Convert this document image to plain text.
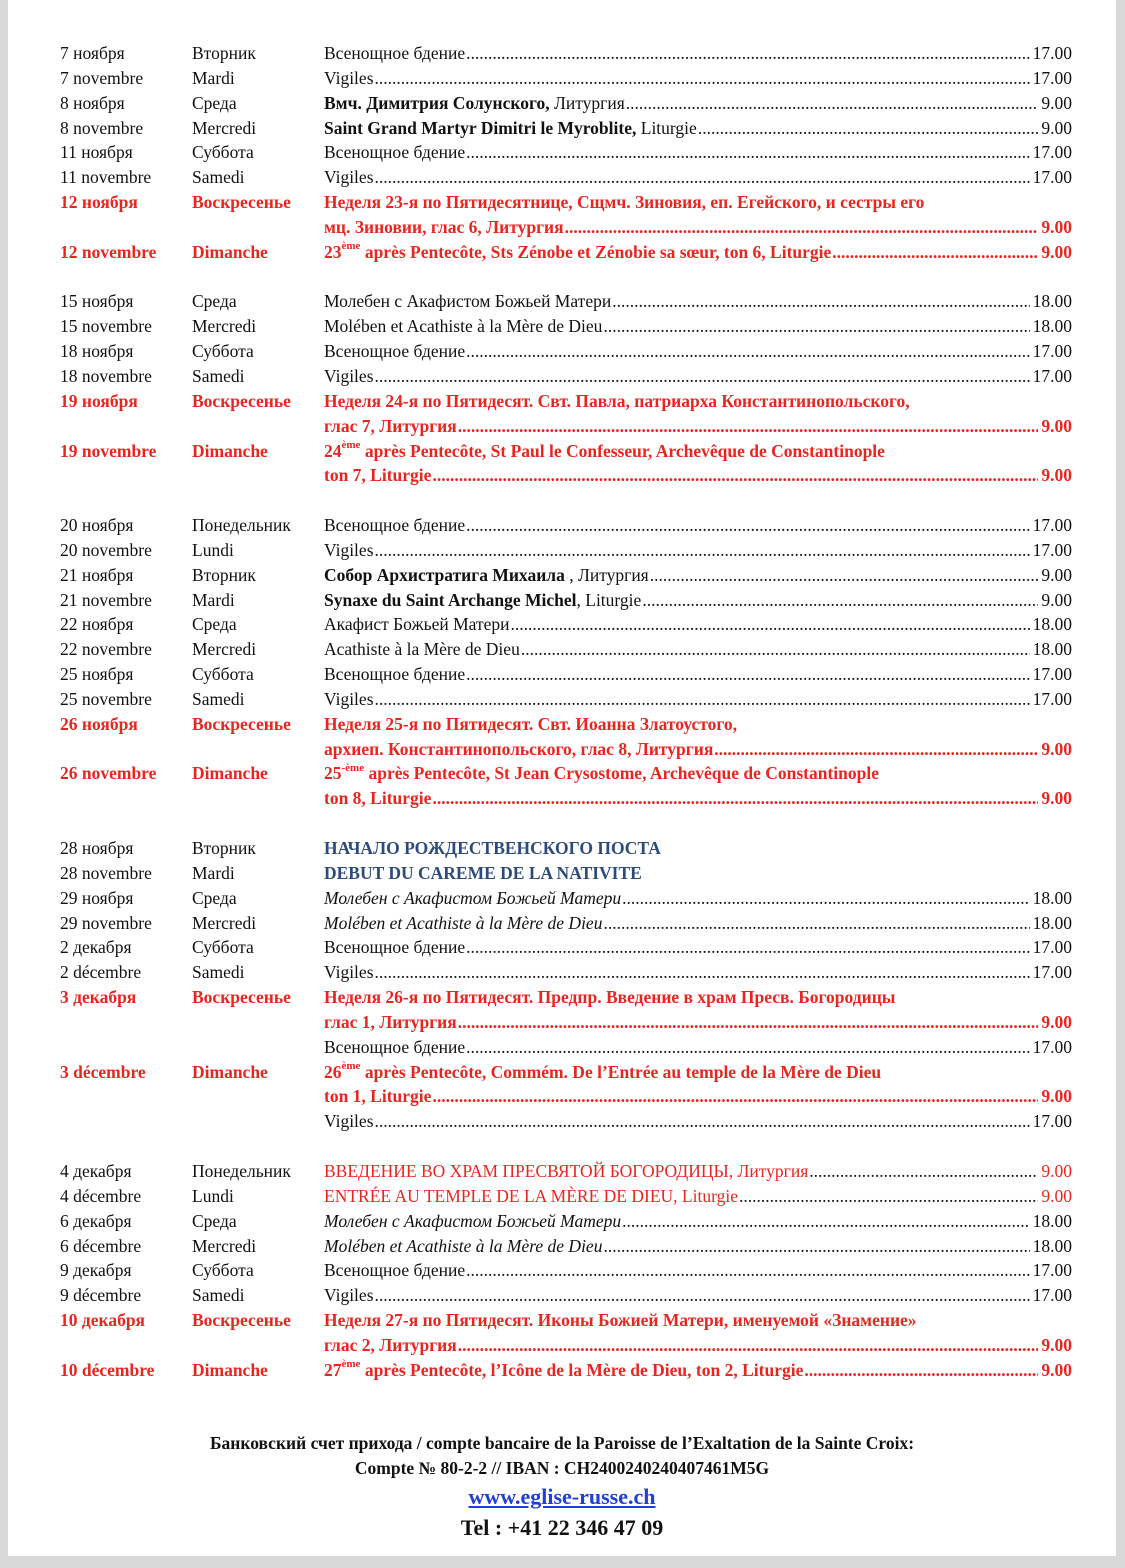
7 ноября	Вторник	Всенощное бдение .....	17.00
7 novembre	Mardi	Vigiles .....	17.00
8 ноября	Среда	Вмч. Димитрия Солунского, Литургия .....	9.00
8 novembre	Mercredi	Saint Grand Martyr Dimitri le Myroblite, Liturgie .....	9.00
11 ноября	Суббота	Всенощное бдение .....	17.00
11 novembre Samedi	Vigiles .....	17.00
12 ноября	Воскресенье Неделя 23-я по Пятидесятнице, Сщмч. Зиновия, еп. Егейского, и сестры его
мц. Зиновии, глас 6, Литургия .....	9.00
12 novembre Dimanche	23ème après Pentecôte, Sts Zénobe et Zénobie sa sœur, ton 6, Liturgie .....	9.00
15 ноября	Среда	Молебен с Акафистом Божьей Матери .....	18.00
15 novembre Mercredi	Molében et Acathiste à la Mère de Dieu .....	18.00
18 ноября	Суббота	Всенощное бдение .....	17.00
18 novembre Samedi	Vigiles .....	17.00
19 ноября	Воскресенье Неделя 24-я по Пятидесят. Свт. Павла, патриарха Константинопольского,
глас 7, Литургия .....	9.00
19 novembre Dimanche	24ème après Pentecôte, St Paul le Confesseur, Archevêque de Constantinople
ton 7, Liturgie .....	9.00
20 ноября	Понедельник Всенощное бдение .....	17.00
20 novembre Lundi	Vigiles .....	17.00
21 ноября	Вторник	Собор Архистратига Михаила , Литургия .....	9.00
21 novembre Mardi	Synaxe du Saint Archange Michel, Liturgie .....	9.00
22 ноября	Среда	Акафист Божьей Матери .....	18.00
22 novembre Mercredi	Acathiste à la Mère de Dieu .....	18.00
25 ноября	Суббота	Всенощное бдение .....	17.00
25 novembre Samedi	Vigiles .....	17.00
26 ноября	Воскресенье Неделя 25-я по Пятидесят. Свт. Иоанна Златоустого,
архиеп. Константинопольского, глас 8, Литургия .....	9.00
26 novembre Dimanche	$25^{-ème}$ après Pentecôte, St Jean Crysostome, Archevêque de Constantinople
ton 8, Liturgie .....	9.00
28 ноября	Вторник	НАЧАЛО РОЖДЕСТВЕНСКОГО ПОСТА
28 novembre Mardi	DEBUT DU CAREME DE LA NATIVITE
29 ноября	Среда	Молебен с Акафистом Божьей Матери .....	18.00
29 novembre Mercredi	Molében et Acathiste à la Mère de Dieu .....	18.00
2 декабря	Суббота	Всенощное бдение .....	17.00
2 décembre	Samedi	Vigiles .....	17.00
3 декабря	Воскресенье Неделя 26-я по Пятидесят. Предпр. Введение в храм Пресв. Богородицы
глас 1, Литургия .....	9.00
Всенощное бдение .....	17.00
3 décembre	Dimanche	26ème après Pentecôte, Commém. De l’Entrée au temple de la Mère de Dieu
ton 1, Liturgie .....	9.00
Vigiles .....	17.00
4 декабря	Понедельник ВВЕДЕНИЕ ВО ХРАМ ПРЕСВЯТОЙ БОГОРОДИЦЫ, Литургия .....	9.00
4 décembre	Lundi	ENTRÉE AU TEMPLE DE LA MÈRE DE DIEU, Liturgie .....	9.00
6 декабря	Среда	Молебен с Акафистом Божьей Матери .....	18.00
6 décembre	Mercredi	Molében et Acathiste à la Mère de Dieu .....	18.00
9 декабря	Суббота	Всенощное бдение .....	17.00
9 décembre	Samedi	Vigiles .....	17.00
10 декабря	Воскресенье Неделя 27-я по Пятидесят. Иконы Божией Матери, именуемой «Знамение»
глас 2, Литургия .....	9.00
10 décembre Dimanche	27ème après Pentecôte, l’Icône de la Mère de Dieu, ton 2, Liturgie .....	9.00
Банковский счет прихода / compte bancaire de la Paroisse de l’Exaltation de la Sainte Croix:
Compte № 80-2-2 // IBAN : CH2400240240407461M5G
www.eglise-russe.ch
Tel : +41 22 346 47 09
